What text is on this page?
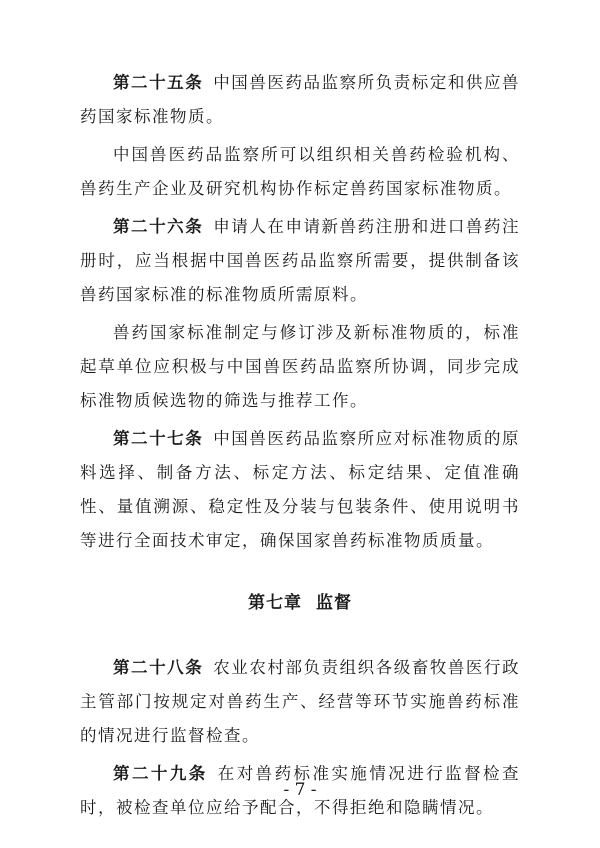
第二十五条 中国兽医药品监察所负责标定和供应兽药国家标准物质。

中国兽医药品监察所可以组织相关兽药检验机构、兽药生产企业及研究机构协作标定兽药国家标准物质。

第二十六条 申请人在申请新兽药注册和进口兽药注册时，应当根据中国兽医药品监察所需要，提供制备该兽药国家标准的标准物质所需原料。

兽药国家标准制定与修订涉及新标准物质的，标准起草单位应积极与中国兽医药品监察所协调，同步完成标准物质候选物的筛选与推荐工作。

第二十七条 中国兽医药品监察所应对标准物质的原料选择、制备方法、标定方法、标定结果、定值准确性、量值溯源、稳定性及分装与包装条件、使用说明书等进行全面技术审定，确保国家兽药标准物质质量。

第七章 监督

第二十八条 农业农村部负责组织各级畜牧兽医行政主管部门按规定对兽药生产、经营等环节实施兽药标准的情况进行监督检查。

第二十九条 在对兽药标准实施情况进行监督检查时，被检查单位应给予配合，不得拒绝和隐瞒情况。

- 7 -
